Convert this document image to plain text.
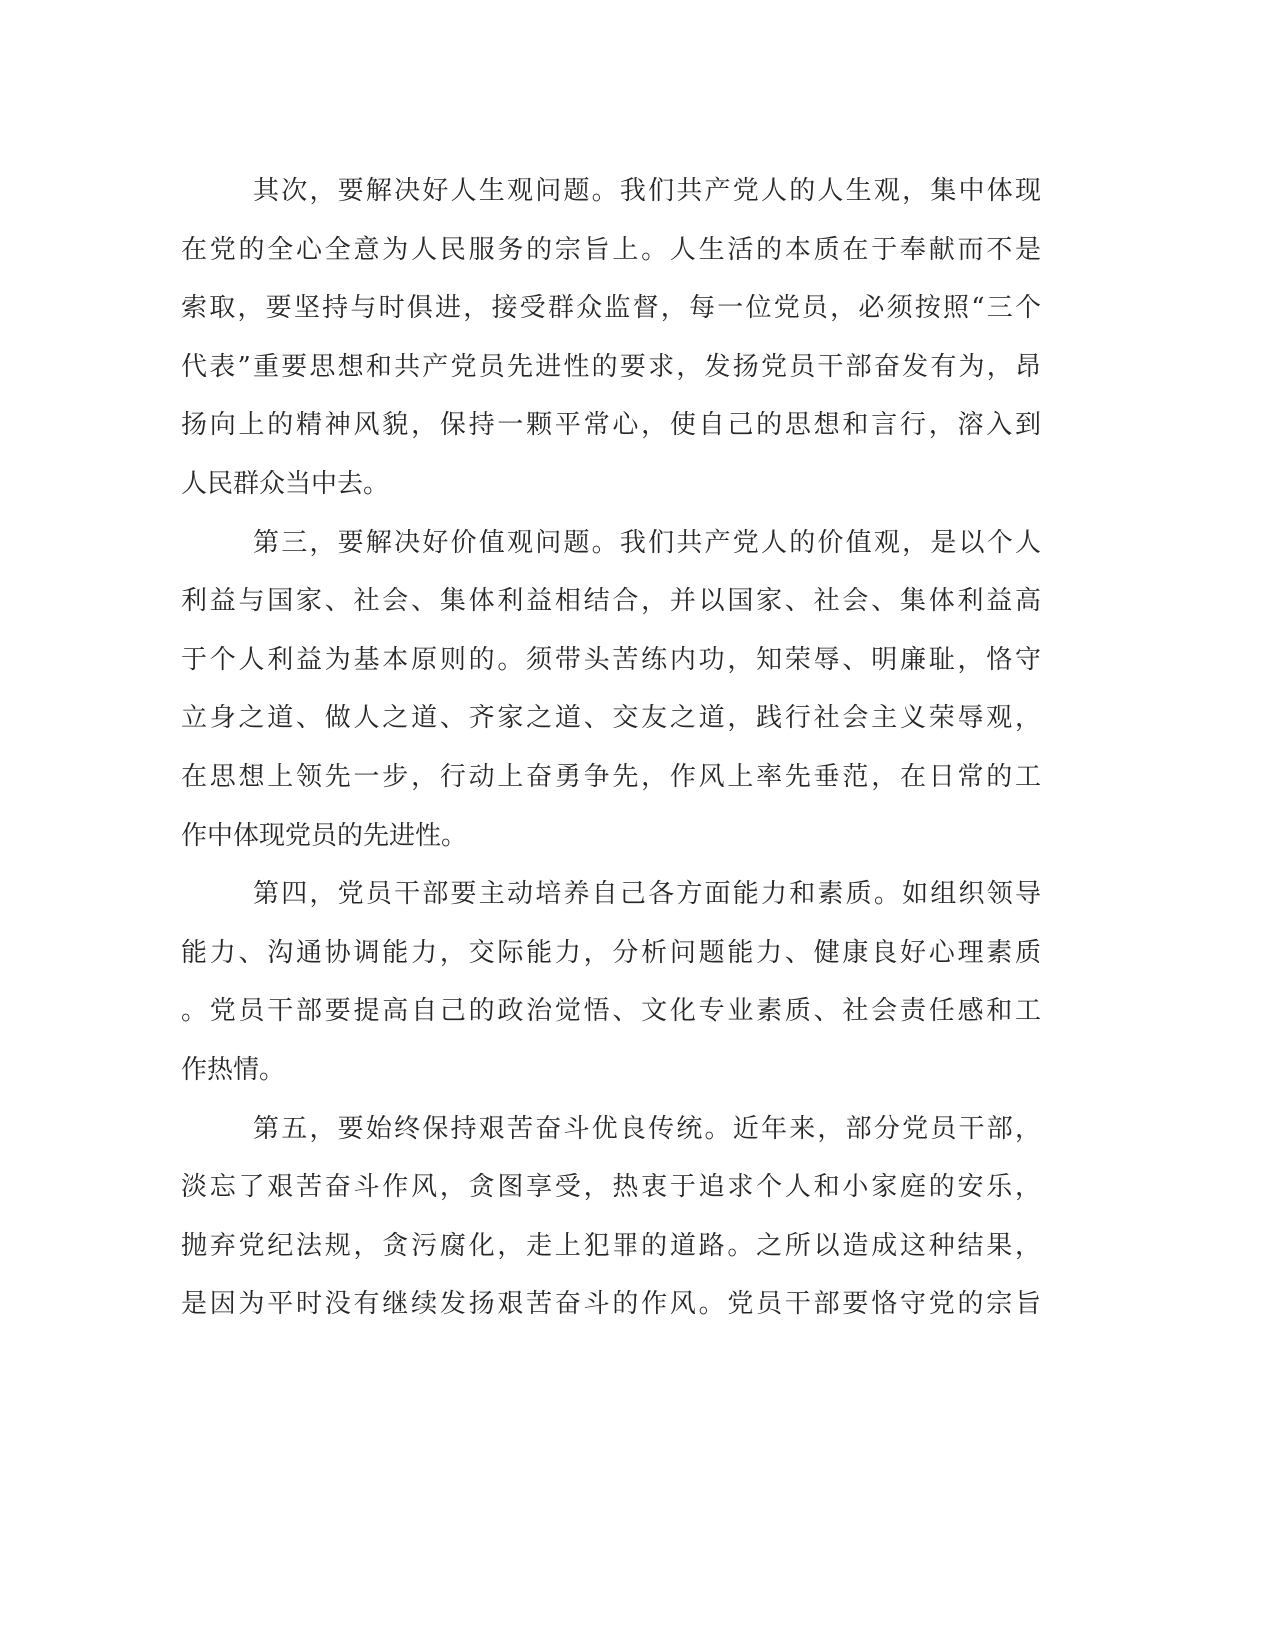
其次，要解决好人生观问题。我们共产党人的人生观，集中体现
在党的全心全意为人民服务的宗旨上。人生活的本质在于奉献而不是
索取，要坚持与时俱进，接受群众监督，每一位党员，必须按照“三个
代表”重要思想和共产党员先进性的要求，发扬党员干部奋发有为，昂
扬向上的精神风貌，保持一颗平常心，使自己的思想和言行，溶入到
人民群众当中去。
第三，要解决好价值观问题。我们共产党人的价值观，是以个人
利益与国家、社会、集体利益相结合，并以国家、社会、集体利益高
于个人利益为基本原则的。须带头苦练内功，知荣辱、明廉耻，恪守
立身之道、做人之道、齐家之道、交友之道，践行社会主义荣辱观，
在思想上领先一步，行动上奋勇争先，作风上率先垂范，在日常的工
作中体现党员的先进性。
第四，党员干部要主动培养自己各方面能力和素质。如组织领导
能力、沟通协调能力，交际能力，分析问题能力、健康良好心理素质
。党员干部要提高自己的政治觉悟、文化专业素质、社会责任感和工
作热情。
第五，要始终保持艰苦奋斗优良传统。近年来，部分党员干部，
淡忘了艰苦奋斗作风，贪图享受，热衷于追求个人和小家庭的安乐，
抛弃党纪法规，贪污腐化，走上犯罪的道路。之所以造成这种结果，
是因为平时没有继续发扬艰苦奋斗的作风。党员干部要恪守党的宗旨
